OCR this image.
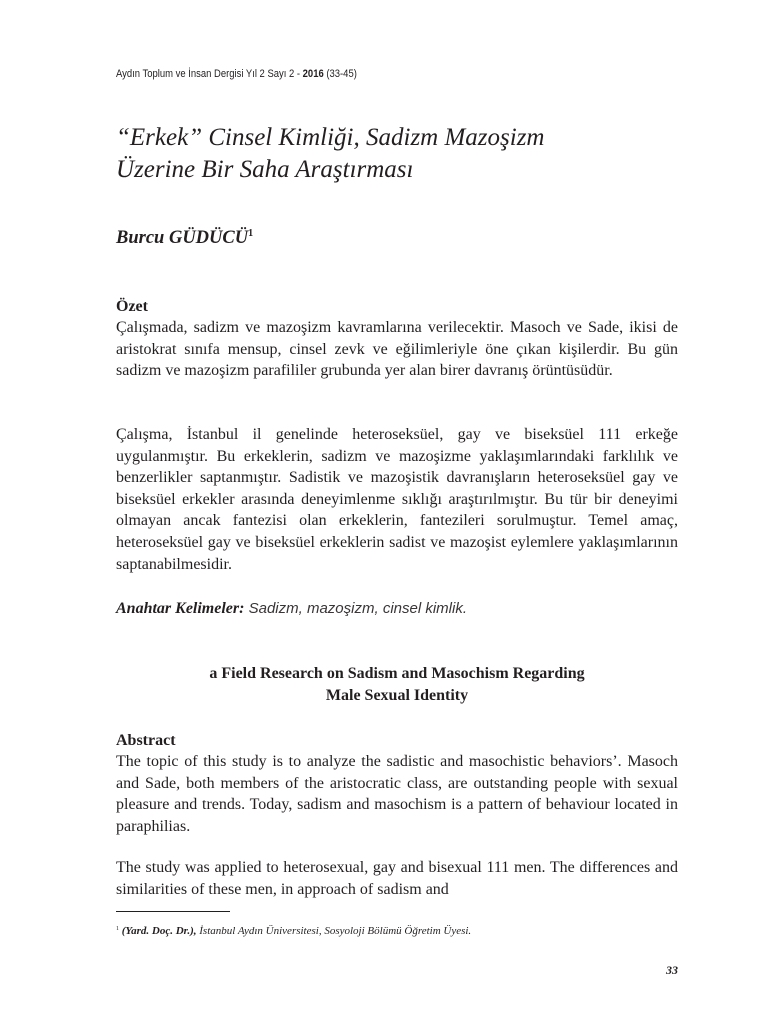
Aydın Toplum ve İnsan Dergisi Yıl 2 Sayı 2 - 2016 (33-45)
“Erkek” Cinsel Kimliği, Sadizm Mazoşizm
Üzerine Bir Saha Araştırması
Burcu GÜDÜCÜ$^1$

Özet

Çalışmada, sadizm ve mazoşizm kavramlarına verilecektir. Masoch ve Sade, ikisi de aristokrat sınıfa mensup, cinsel zevk ve eğilimleriyle öne çıkan kişilerdir. Bu gün sadizm ve mazoşizm parafililer grubunda yer alan birer davranış örüntüsüdür.

Çalışma, İstanbul il genelinde heteroseksüel, gay ve biseksüel 111 erkeğe uygulanmıştır. Bu erkeklerin, sadizm ve mazoşizme yaklaşımlarındaki farklılık ve benzerlikler saptanmıştır. Sadistik ve mazoşistik davranışların heteroseksüel gay ve biseksüel erkekler arasında deneyimlenme sıklığı araştırılmıştır. Bu tür bir deneyimi olmayan ancak fantezisi olan erkeklerin, fantezileri sorulmuştur. Temel amaç, heteroseksüel gay ve biseksüel erkeklerin sadist ve mazoşist eylemlere yaklaşımlarının saptanabilmesidir.

Anahtar Kelimeler: Sadizm, mazoşizm, cinsel kimlik.
a Field Research on Sadism and Masochism Regarding
Male Sexual Identity

Abstract

The topic of this study is to analyze the sadistic and masochistic behaviors’. Masoch and Sade, both members of the aristocratic class, are outstanding people with sexual pleasure and trends. Today, sadism and masochism is a pattern of behaviour located in paraphilias.

The study was applied to heterosexual, gay and bisexual 111 men. The differences and similarities of these men, in approach of sadism and

$^1$ (Yard. Doç. Dr.), İstanbul Aydın Üniversitesi, Sosyoloji Bölümü Öğretim Üyesi.
33
